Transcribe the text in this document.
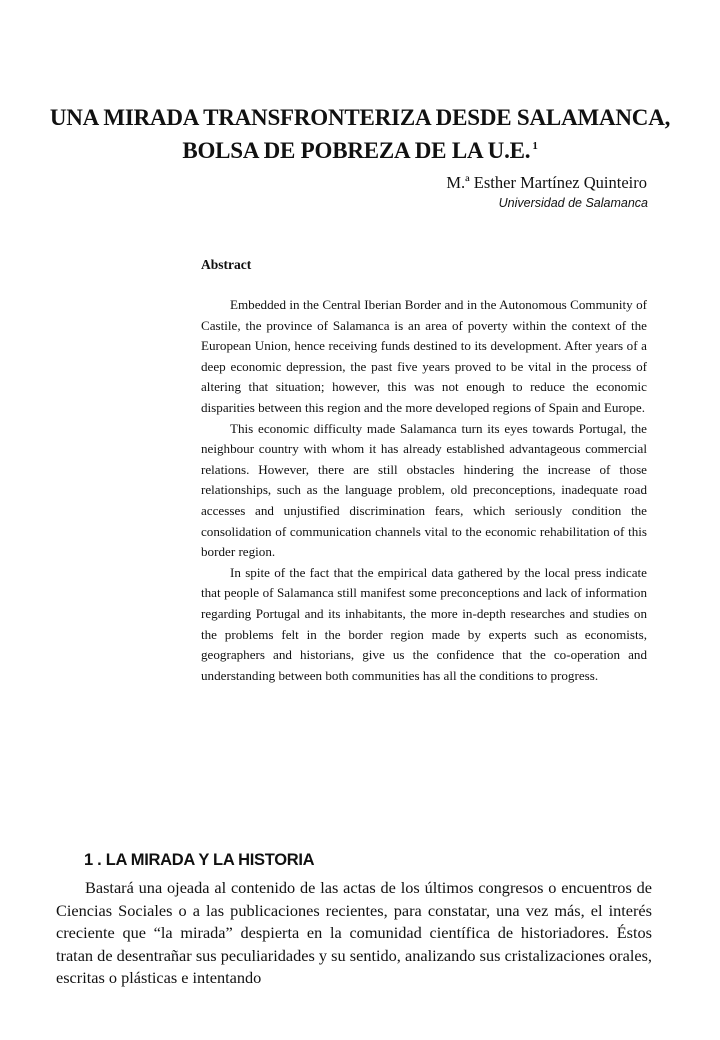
UNA MIRADA TRANSFRONTERIZA DESDE SALAMANCA, BOLSA DE POBREZA DE LA U.E. $^1$
M.ª Esther Martínez Quinteiro
Universidad de Salamanca
Abstract

Embedded in the Central Iberian Border and in the Autonomous Community of Castile, the province of Salamanca is an area of poverty within the context of the European Union, hence receiving funds destined to its development. After years of a deep economic depression, the past five years proved to be vital in the process of altering that situation; however, this was not enough to reduce the economic disparities between this region and the more developed regions of Spain and Europe.

This economic difficulty made Salamanca turn its eyes towards Portugal, the neighbour country with whom it has already established advantageous commercial relations. However, there are still obstacles hindering the increase of those relationships, such as the language problem, old preconceptions, inadequate road accesses and unjustified discrimination fears, which seriously condition the consolidation of communication channels vital to the economic rehabilitation of this border region.

In spite of the fact that the empirical data gathered by the local press indicate that people of Salamanca still manifest some preconceptions and lack of information regarding Portugal and its inhabitants, the more in-depth researches and studies on the problems felt in the border region made by experts such as economists, geographers and historians, give us the confidence that the co-operation and understanding between both communities has all the conditions to progress.

1 . LA MIRADA Y LA HISTORIA

Bastará una ojeada al contenido de las actas de los últimos congresos o encuentros de Ciencias Sociales o a las publicaciones recientes, para constatar, una vez más, el interés creciente que “la mirada” despierta en la comunidad científica de historiadores. Éstos tratan de desentrañar sus peculiaridades y su sentido, analizando sus cristalizaciones orales, escritas o plásticas e intentando
